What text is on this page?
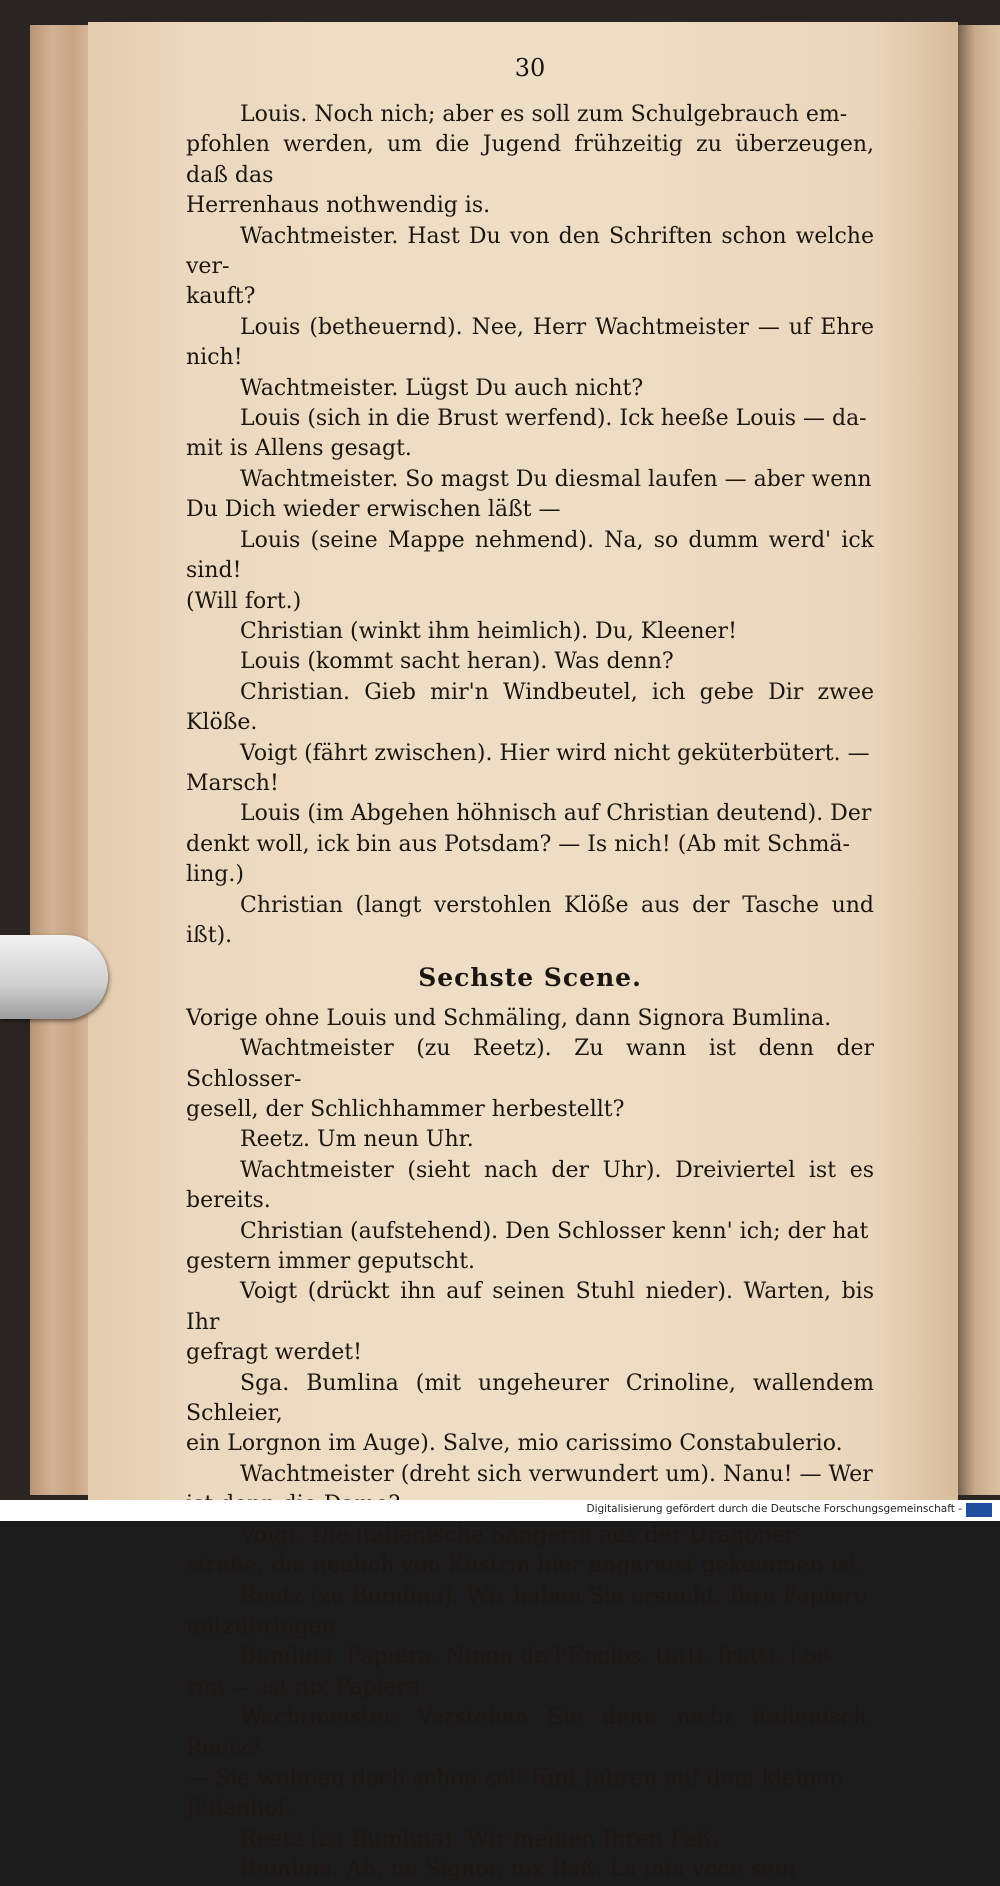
30

Louis. Noch nich; aber es soll zum Schulgebrauch em-

pfohlen werden, um die Jugend frühzeitig zu überzeugen, daß das

Herrenhaus nothwendig is.

Wachtmeister. Hast Du von den Schriften schon welche ver-

kauft?

Louis (betheuernd). Nee, Herr Wachtmeister — uf Ehre nich!

Wachtmeister. Lügst Du auch nicht?

Louis (sich in die Brust werfend). Ick heeße Louis — da-

mit is Allens gesagt.

Wachtmeister. So magst Du diesmal laufen — aber wenn

Du Dich wieder erwischen läßt —

Louis (seine Mappe nehmend). Na, so dumm werd' ick sind!

(Will fort.)

Christian (winkt ihm heimlich). Du, Kleener!

Louis (kommt sacht heran). Was denn?

Christian. Gieb mir'n Windbeutel, ich gebe Dir zwee Klöße.

Voigt (fährt zwischen). Hier wird nicht geküterbütert. —

Marsch!

Louis (im Abgehen höhnisch auf Christian deutend). Der

denkt woll, ick bin aus Potsdam? — Is nich! (Ab mit Schmä-

ling.)

Christian (langt verstohlen Klöße aus der Tasche und ißt).

Sechste Scene.

Vorige ohne Louis und Schmäling, dann Signora Bumlina.

Wachtmeister (zu Reetz). Zu wann ist denn der Schlosser-

gesell, der Schlichhammer herbestellt?

Reetz. Um neun Uhr.

Wachtmeister (sieht nach der Uhr). Dreiviertel ist es bereits.

Christian (aufstehend). Den Schlosser kenn' ich; der hat

gestern immer geputscht.

Voigt (drückt ihn auf seinen Stuhl nieder). Warten, bis Ihr

gefragt werdet!

Sga. Bumlina (mit ungeheurer Crinoline, wallendem Schleier,

ein Lorgnon im Auge). Salve, mio carissimo Constabulerio.

Wachtmeister (dreht sich verwundert um). Nanu! — Wer

Voigt. Die italienische Sängerin aus der Dragoner-

straße, die neulich von Küstrin hier angereist gekommen ist.

Reetz (zu Bumlina). Wir haben Sie ersucht, Ihre Papiere

mitzubringen.

Bumlina. Papiera, Ninon de l'Enclos, tutti, frutti, Lor-

rini — ist nix Papiera.

Wachtmeister. Verstehen Sie denn nicht italienisch, Reetz?

— Sie wohnen doch schon seit fünf Jahren auf dem kleinen

Jüdenhof.

Reetz (zu Bumlina). Wir meinen Ihren Paß.

Bumlina. Ah, no Signor, nix Baß. La mia voce sein

Digitalisierung gefördert durch die Deutsche Forschungsgemeinschaft -
